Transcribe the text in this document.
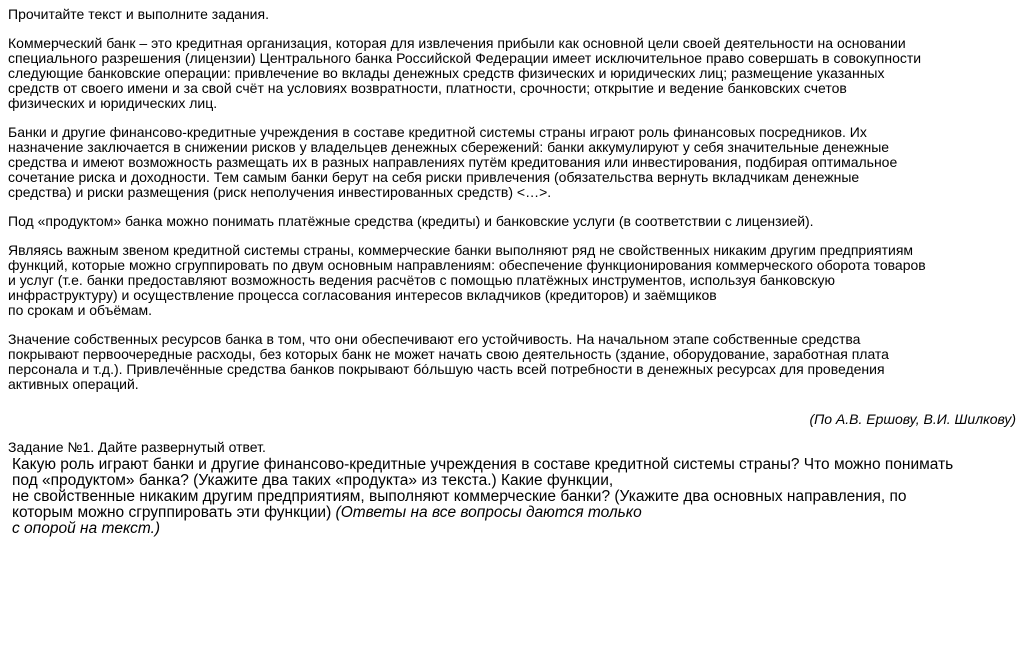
Прочитайте текст и выполните задания.

Коммерческий банк – это кредитная организация, которая для извлечения прибыли как основной цели своей деятельности на основании
специального разрешения (лицензии) Центрального банка Российской Федерации имеет исключительное право совершать в совокупности
следующие банковские операции: привлечение во вклады денежных средств физических и юридических лиц; размещение указанных
средств от своего имени и за свой счёт на условиях возвратности, платности, срочности; открытие и ведение банковских счетов
физических и юридических лиц.

Банки и другие финансово-кредитные учреждения в составе кредитной системы страны играют роль финансовых посредников. Их
назначение заключается в снижении рисков у владельцев денежных сбережений: банки аккумулируют у себя значительные денежные
средства и имеют возможность размещать их в разных направлениях путём кредитования или инвестирования, подбирая оптимальное
сочетание риска и доходности. Тем самым банки берут на себя риски привлечения (обязательства вернуть вкладчикам денежные
средства) и риски размещения (риск неполучения инвестированных средств) <…>.

Под «продуктом» банка можно понимать платёжные средства (кредиты) и банковские услуги (в соответствии с лицензией).

Являясь важным звеном кредитной системы страны, коммерческие банки выполняют ряд не свойственных никаким другим предприятиям
функций, которые можно сгруппировать по двум основным направлениям: обеспечение функционирования коммерческого оборота товаров
и услуг (т.е. банки предоставляют возможность ведения расчётов с помощью платёжных инструментов, используя банковскую
инфраструктуру) и осуществление процесса согласования интересов вкладчиков (кредиторов) и заёмщиков
по срокам и объёмам.

Значение собственных ресурсов банка в том, что они обеспечивают его устойчивость. На начальном этапе собственные средства
покрывают первоочередные расходы, без которых банк не может начать свою деятельность (здание, оборудование, заработная плата
персонала и т.д.). Привлечённые средства банков покрывают бóльшую часть всей потребности в денежных ресурсах для проведения
активных операций.

(По А.В. Ершову, В.И. Шилкову)

Задание №1. Дайте развернутый ответ.

Какую роль играют банки и другие финансово-кредитные учреждения в составе кредитной системы страны? Что можно понимать
под «продуктом» банка? (Укажите два таких «продукта» из текста.) Какие функции,
не свойственные никаким другим предприятиям, выполняют коммерческие банки? (Укажите два основных направления, по
которым можно сгруппировать эти функции) (Ответы на все вопросы даются только
с опорой на текст.)
